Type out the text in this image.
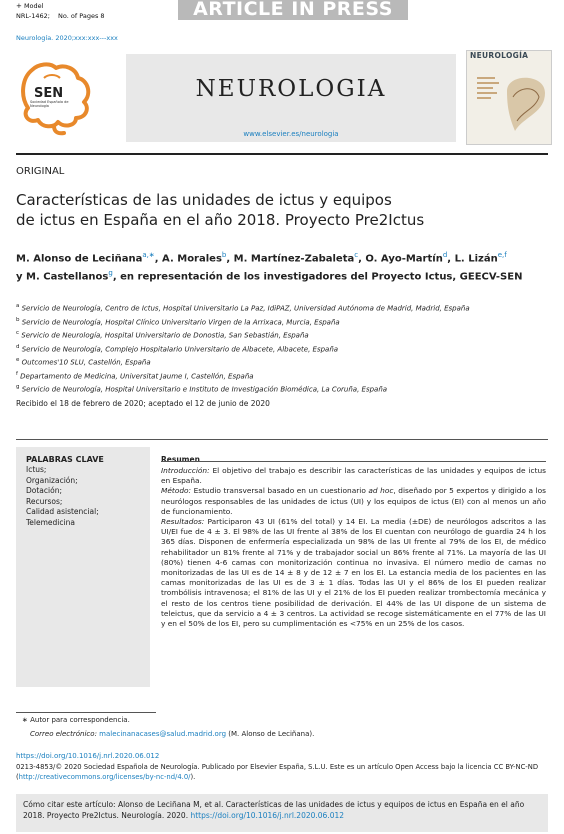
+ Model
NRL-1462; No. of Pages 8	ARTICLE IN PRESS
Neurología. 2020;xxx:xxx---xxx
SEN
Sociedad Española de Neurología
NEUROLOGIA
www.elsevier.es/neurologia
NEUROLOGÍA
ORIGINAL
Características de las unidades de ictus y equipos
de ictus en España en el año 2018. Proyecto Pre2Ictus
M. Alonso de Leciñana$^{a,∗}$, A. Morales$^b$, M. Martínez-Zabaleta$^c$, O. Ayo-Martín$^d$, L. Lizán$^{e,f}$
y M. Castellanos$^g$, en representación de los investigadores del Proyecto Ictus, GEECV-SEN
$^a$ Servicio de Neurología, Centro de Ictus, Hospital Universitario La Paz, IdiPAZ, Universidad Autónoma de Madrid, Madrid, España
$^b$ Servicio de Neurología, Hospital Clínico Universitario Virgen de la Arrixaca, Murcia, España
$^c$ Servicio de Neurología, Hospital Universitario de Donostia, San Sebastián, España
$^d$ Servicio de Neurología, Complejo Hospitalario Universitario de Albacete, Albacete, España
$^e$ Outcomes'10 SLU, Castellón, España
$^f$ Departamento de Medicina, Universitat Jaume I, Castellón, España
$^g$ Servicio de Neurología, Hospital Universitario e Instituto de Investigación Biomédica, La Coruña, España
Recibido el 18 de febrero de 2020; aceptado el 12 de junio de 2020
PALABRAS CLAVE
Ictus;
Organización;
Dotación;
Recursos;
Calidad asistencial;
Telemedicina
Resumen
Introducción: El objetivo del trabajo es describir las características de las unidades y equipos de ictus en España.
Método: Estudio transversal basado en un cuestionario ad hoc, diseñado por 5 expertos y dirigido a los neurólogos responsables de las unidades de ictus (UI) y los equipos de ictus (EI) con al menos un año de funcionamiento.
Resultados: Participaron 43 UI (61% del total) y 14 EI. La media (±DE) de neurólogos adscritos a las UI/EI fue de 4 ± 3. El 98% de las UI frente al 38% de los EI cuentan con neurólogo de guardia 24 h los 365 días. Disponen de enfermería especializada un 98% de las UI frente al 79% de los EI, de médico rehabilitador un 81% frente al 71% y de trabajador social un 86% frente al 71%. La mayoría de las UI (80%) tienen 4-6 camas con monitorización continua no invasiva. El número medio de camas no monitorizadas de las UI es de 14 ± 8 y de 12 ± 7 en los EI. La estancia media de los pacientes en las camas monitorizadas de las UI es de 3 ± 1 días. Todas las UI y el 86% de los EI pueden realizar trombólisis intravenosa; el 81% de las UI y el 21% de los EI pueden realizar trombectomía mecánica y el resto de los centros tiene posibilidad de derivación. El 44% de las UI dispone de un sistema de teleictus, que da servicio a 4 ± 3 centros. La actividad se recoge sistemáticamente en el 77% de las UI y en el 50% de los EI, pero su cumplimentación es <75% en un 25% de los casos.
∗ Autor para correspondencia.
Correo electrónico: malecinanacases@salud.madrid.org (M. Alonso de Leciñana).
https://doi.org/10.1016/j.nrl.2020.06.012
0213-4853/© 2020 Sociedad Española de Neurología. Publicado por Elsevier España, S.L.U. Este es un artículo Open Access bajo la licencia CC BY-NC-ND (http://creativecommons.org/licenses/by-nc-nd/4.0/).
Cómo citar este artículo: Alonso de Leciñana M, et al. Características de las unidades de ictus y equipos de ictus en España en el año 2018. Proyecto Pre2Ictus. Neurología. 2020. https://doi.org/10.1016/j.nrl.2020.06.012
